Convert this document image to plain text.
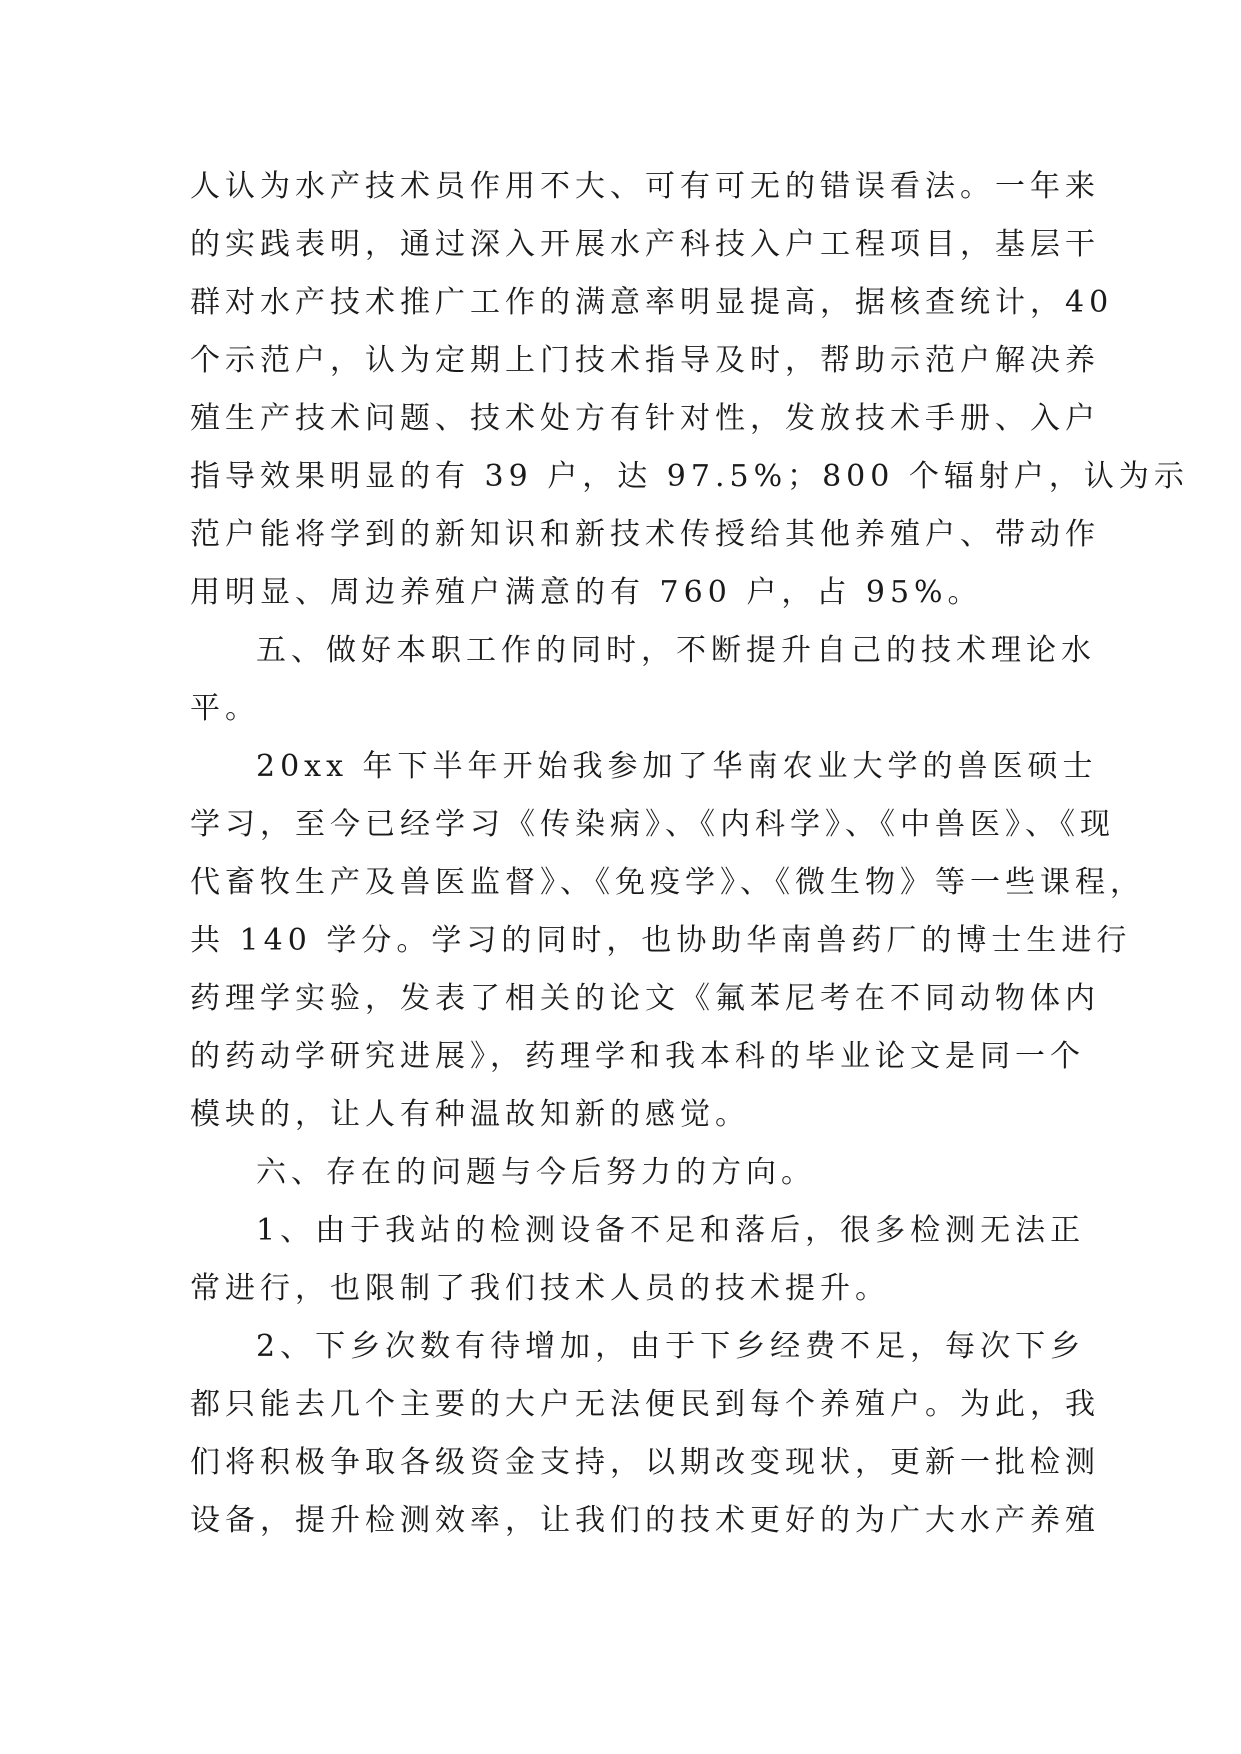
人认为水产技术员作用不大、可有可无的错误看法。一年来
的实践表明，通过深入开展水产科技入户工程项目，基层干
群对水产技术推广工作的满意率明显提高，据核查统计，40
个示范户，认为定期上门技术指导及时，帮助示范户解决养
殖生产技术问题、技术处方有针对性，发放技术手册、入户
指导效果明显的有 39 户，达 97.5%；800 个辐射户，认为示
范户能将学到的新知识和新技术传授给其他养殖户、带动作
用明显、周边养殖户满意的有 760 户，占 95%。
五、做好本职工作的同时，不断提升自己的技术理论水
平。
20xx 年下半年开始我参加了华南农业大学的兽医硕士
学习，至今已经学习《传染病》、《内科学》、《中兽医》、《现
代畜牧生产及兽医监督》、《免疫学》、《微生物》等一些课程，
共 140 学分。学习的同时，也协助华南兽药厂的博士生进行
药理学实验，发表了相关的论文《氟苯尼考在不同动物体内
的药动学研究进展》，药理学和我本科的毕业论文是同一个
模块的，让人有种温故知新的感觉。
六、存在的问题与今后努力的方向。
1、由于我站的检测设备不足和落后，很多检测无法正
常进行，也限制了我们技术人员的技术提升。
2、下乡次数有待增加，由于下乡经费不足，每次下乡
都只能去几个主要的大户无法便民到每个养殖户。为此，我
们将积极争取各级资金支持，以期改变现状，更新一批检测
设备，提升检测效率，让我们的技术更好的为广大水产养殖
